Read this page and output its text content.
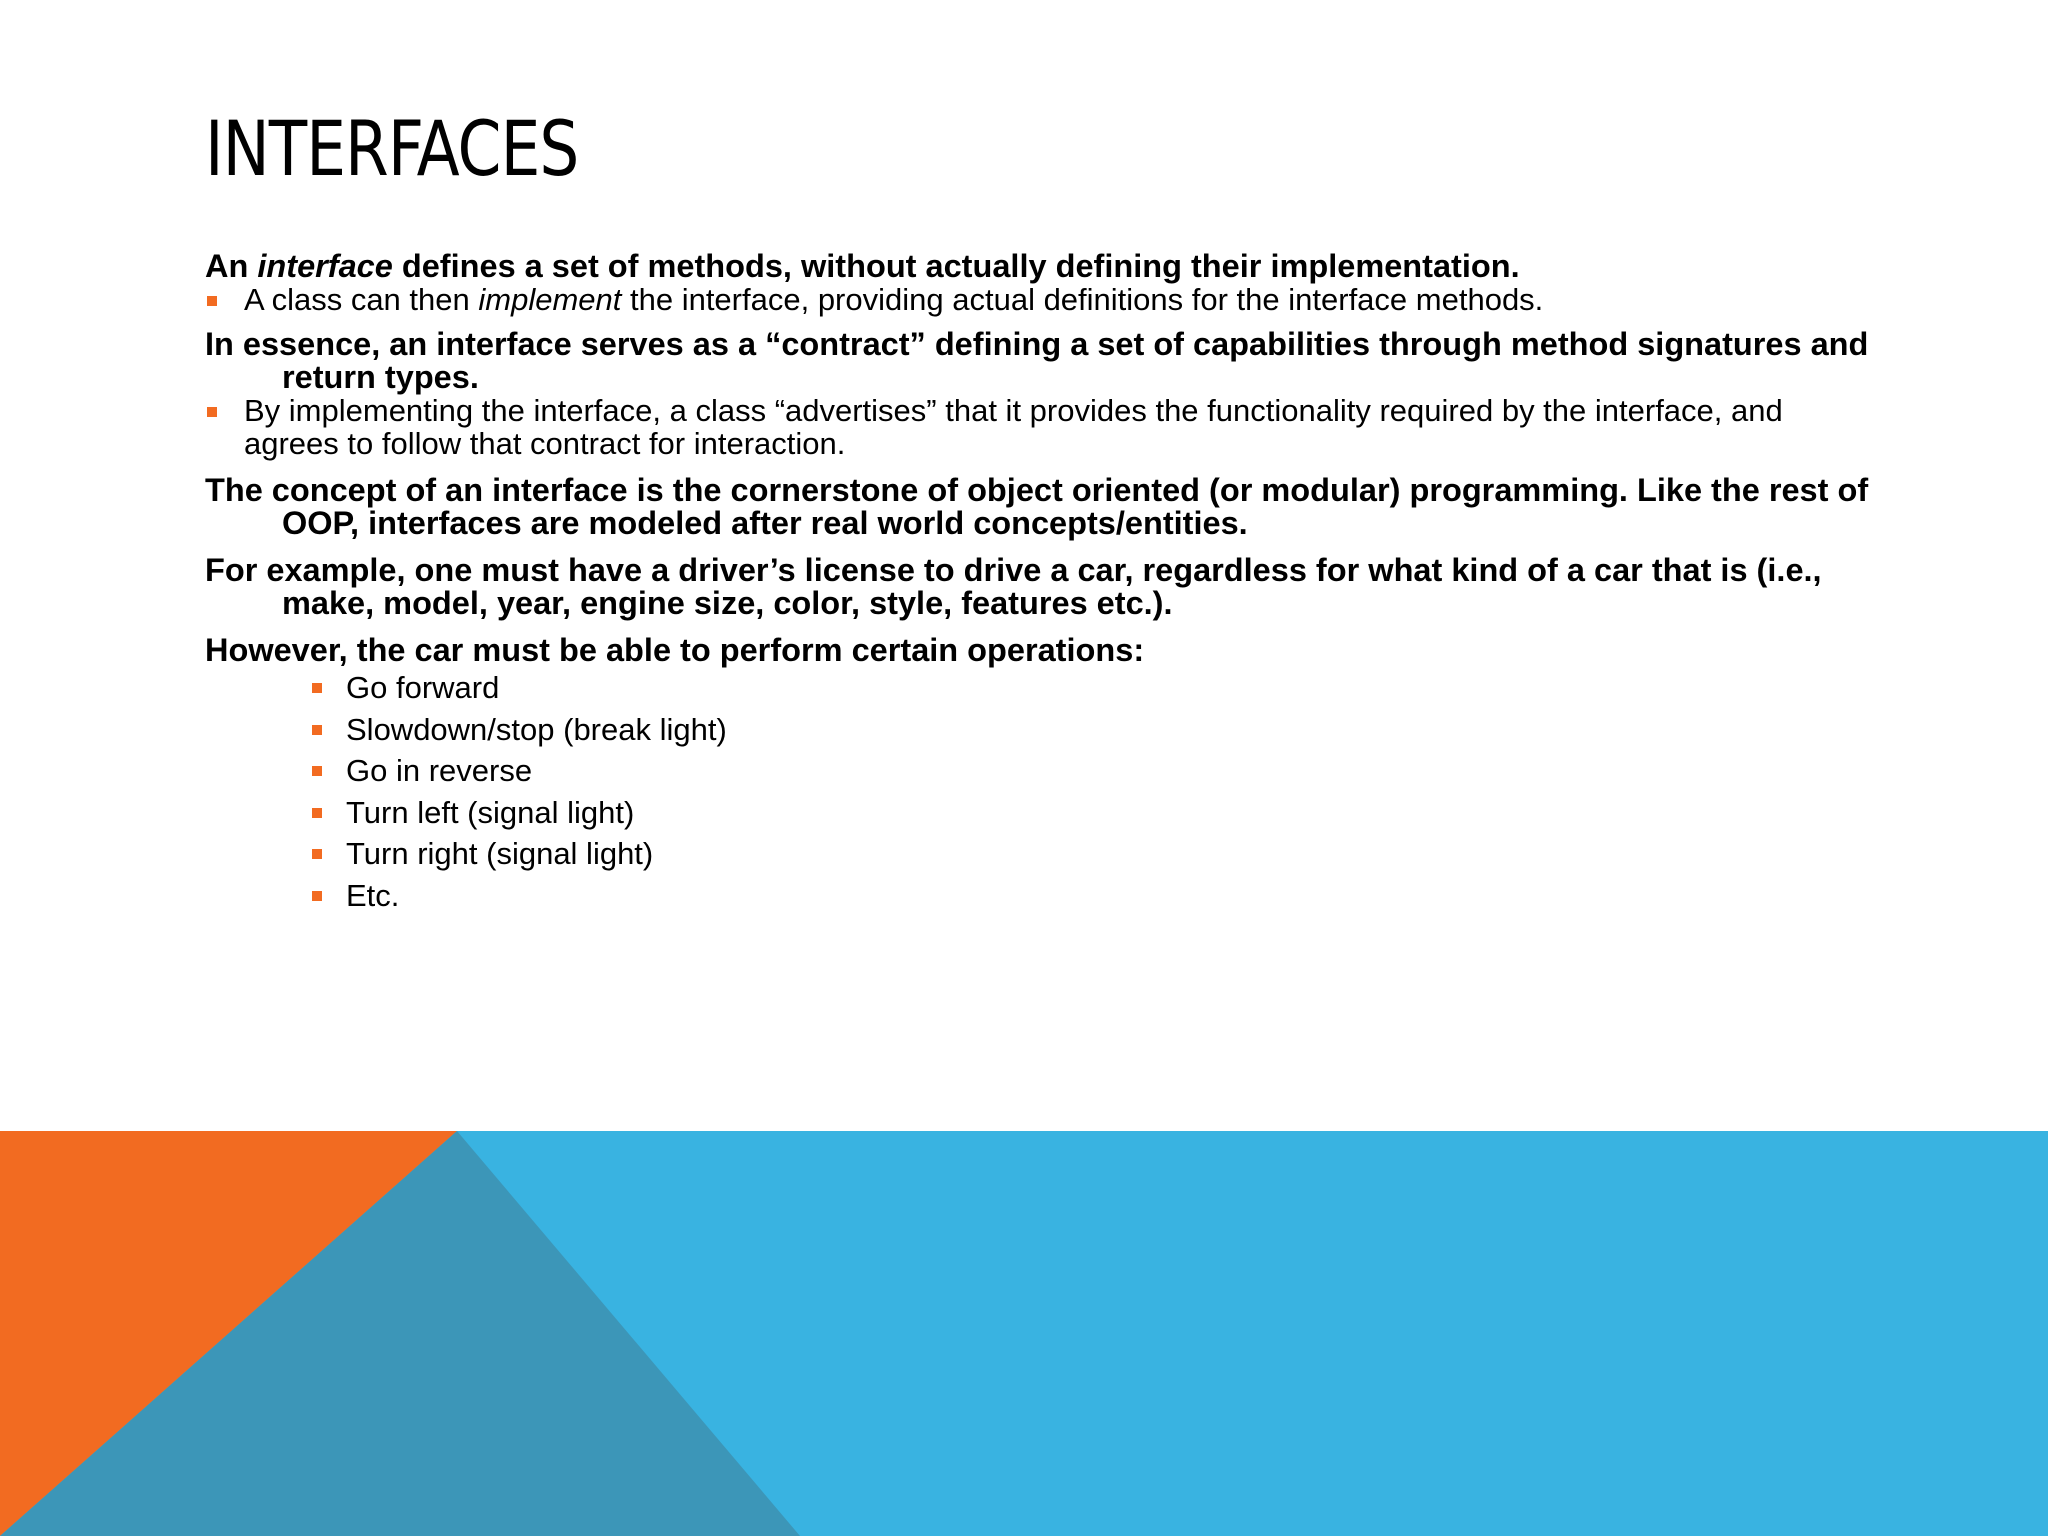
INTERFACES

An interface defines a set of methods, without actually defining their implementation.

A class can then implement the interface, providing actual definitions for the interface methods.

In essence, an interface serves as a “contract” defining a set of capabilities through method signatures and return types.

By implementing the interface, a class “advertises” that it provides the functionality required by the interface, and agrees to follow that contract for interaction.

The concept of an interface is the cornerstone of object oriented (or modular) programming. Like the rest of OOP, interfaces are modeled after real world concepts/entities.

For example, one must have a driver’s license to drive a car, regardless for what kind of a car that is (i.e., make, model, year, engine size, color, style, features etc.).

However, the car must be able to perform certain operations:

Go forward

Slowdown/stop (break light)

Go in reverse

Turn left (signal light)

Turn right (signal light)

Etc.
